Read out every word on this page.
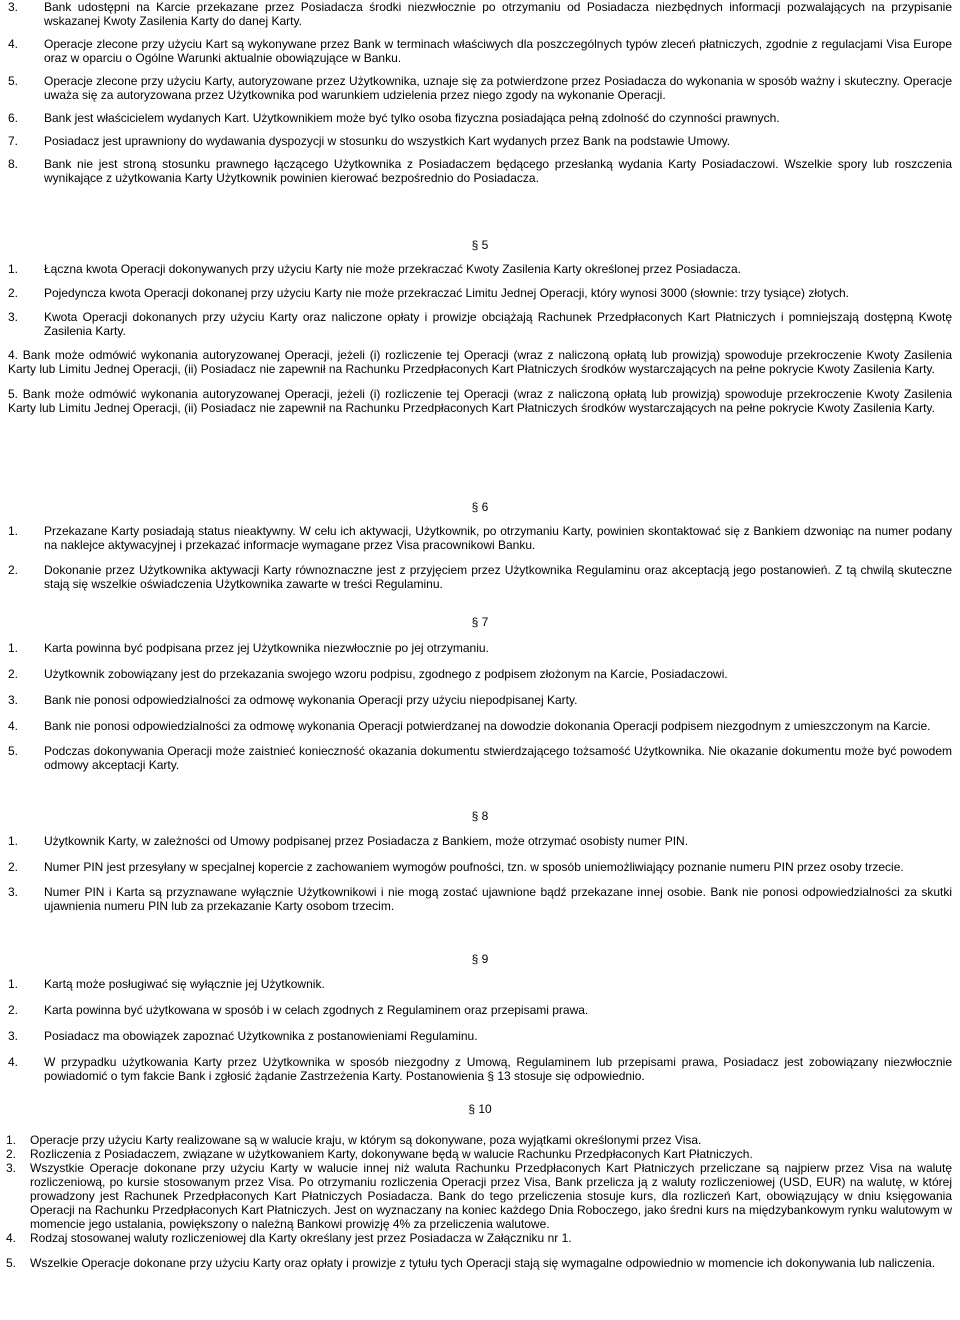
3.	Bank udostępni na Karcie przekazane przez Posiadacza środki niezwłocznie po otrzymaniu od Posiadacza niezbędnych informacji pozwalających na przypisanie wskazanej Kwoty Zasilenia Karty do danej Karty.
4.	Operacje zlecone przy użyciu Kart są wykonywane przez Bank w terminach właściwych dla poszczególnych typów zleceń płatniczych, zgodnie z regulacjami Visa Europe oraz w oparciu o Ogólne Warunki aktualnie obowiązujące w Banku.
5.	Operacje zlecone przy użyciu Karty, autoryzowane przez Użytkownika, uznaje się za potwierdzone przez Posiadacza do wykonania w sposób ważny i skuteczny. Operacje uważa się za autoryzowana przez Użytkownika pod warunkiem udzielenia przez niego zgody na wykonanie Operacji.
6.	Bank jest właścicielem wydanych Kart. Użytkownikiem może być tylko osoba fizyczna posiadająca pełną zdolność do czynności prawnych.
7.	Posiadacz jest uprawniony do wydawania dyspozycji w stosunku do wszystkich Kart wydanych przez Bank na podstawie Umowy.
8.	Bank nie jest stroną stosunku prawnego łączącego Użytkownika z Posiadaczem będącego przesłanką wydania Karty Posiadaczowi. Wszelkie spory lub roszczenia wynikające z użytkowania Karty Użytkownik powinien kierować bezpośrednio do Posiadacza.
§ 5
1.	Łączna kwota Operacji dokonywanych przy użyciu Karty nie może przekraczać Kwoty Zasilenia Karty określonej przez Posiadacza.
2.	Pojedyncza kwota Operacji dokonanej przy użyciu Karty nie może przekraczać Limitu Jednej Operacji, który wynosi 3000 (słownie: trzy tysiące) złotych.
3.	Kwota Operacji dokonanych przy użyciu Karty oraz naliczone opłaty i prowizje obciążają Rachunek Przedpłaconych Kart Płatniczych i pomniejszają dostępną Kwotę Zasilenia Karty.

4. Bank może odmówić wykonania autoryzowanej Operacji, jeżeli (i) rozliczenie tej Operacji (wraz z naliczoną opłatą lub prowizją) spowoduje przekroczenie Kwoty Zasilenia Karty lub Limitu Jednej Operacji, (ii) Posiadacz nie zapewnił na Rachunku Przedpłaconych Kart Płatniczych środków wystarczających na pełne pokrycie Kwoty Zasilenia Karty.

5. Bank może odmówić wykonania autoryzowanej Operacji, jeżeli (i) rozliczenie tej Operacji (wraz z naliczoną opłatą lub prowizją) spowoduje przekroczenie Kwoty Zasilenia Karty lub Limitu Jednej Operacji, (ii) Posiadacz nie zapewnił na Rachunku Przedpłaconych Kart Płatniczych środków wystarczających na pełne pokrycie Kwoty Zasilenia Karty.

§ 6
1.	Przekazane Karty posiadają status nieaktywny. W celu ich aktywacji, Użytkownik, po otrzymaniu Karty, powinien skontaktować się z Bankiem dzwoniąc na numer podany na naklejce aktywacyjnej i przekazać informacje wymagane przez Visa pracownikowi Banku.
2.	Dokonanie przez Użytkownika aktywacji Karty równoznaczne jest z przyjęciem przez Użytkownika Regulaminu oraz akceptacją jego postanowień. Z tą chwilą skuteczne stają się wszelkie oświadczenia Użytkownika zawarte w treści Regulaminu.
§ 7
1.	Karta powinna być podpisana przez jej Użytkownika niezwłocznie po jej otrzymaniu.
2.	Użytkownik zobowiązany jest do przekazania swojego wzoru podpisu, zgodnego z podpisem złożonym na Karcie, Posiadaczowi.
3.	Bank nie ponosi odpowiedzialności za odmowę wykonania Operacji przy użyciu niepodpisanej Karty.
4.	Bank nie ponosi odpowiedzialności za odmowę wykonania Operacji potwierdzanej na dowodzie dokonania Operacji podpisem niezgodnym z umieszczonym na Karcie.
5.	Podczas dokonywania Operacji może zaistnieć konieczność okazania dokumentu stwierdzającego tożsamość Użytkownika. Nie okazanie dokumentu może być powodem odmowy akceptacji Karty.
§ 8
1.	Użytkownik Karty, w zależności od Umowy podpisanej przez Posiadacza z Bankiem, może otrzymać osobisty numer PIN.
2.	Numer PIN jest przesyłany w specjalnej kopercie z zachowaniem wymogów poufności, tzn. w sposób uniemożliwiający poznanie numeru PIN przez osoby trzecie.
3.	Numer PIN i Karta są przyznawane wyłącznie Użytkownikowi i nie mogą zostać ujawnione bądź przekazane innej osobie. Bank nie ponosi odpowiedzialności za skutki ujawnienia numeru PIN lub za przekazanie Karty osobom trzecim.
§ 9
1.	Kartą może posługiwać się wyłącznie jej Użytkownik.
2.	Karta powinna być użytkowana w sposób i w celach zgodnych z Regulaminem oraz przepisami prawa.
3.	Posiadacz ma obowiązek zapoznać Użytkownika z postanowieniami Regulaminu.
4.	W przypadku użytkowania Karty przez Użytkownika w sposób niezgodny z Umową, Regulaminem lub przepisami prawa, Posiadacz jest zobowiązany niezwłocznie powiadomić o tym fakcie Bank i zgłosić żądanie Zastrzeżenia Karty. Postanowienia § 13 stosuje się odpowiednio.
§ 10
1.	Operacje przy użyciu Karty realizowane są w walucie kraju, w którym są dokonywane, poza wyjątkami określonymi przez Visa.
2.	Rozliczenia z Posiadaczem, związane w użytkowaniem Karty, dokonywane będą w walucie Rachunku Przedpłaconych Kart Płatniczych.
3.	Wszystkie Operacje dokonane przy użyciu Karty w walucie innej niż waluta Rachunku Przedpłaconych Kart Płatniczych przeliczane są najpierw przez Visa na walutę rozliczeniową, po kursie stosowanym przez Visa. Po otrzymaniu rozliczenia Operacji przez Visa, Bank przelicza ją z waluty rozliczeniowej (USD, EUR) na walutę, w której prowadzony jest Rachunek Przedpłaconych Kart Płatniczych Posiadacza. Bank do tego przeliczenia stosuje kurs, dla rozliczeń Kart, obowiązujący w dniu księgowania Operacji na Rachunku Przedpłaconych Kart Płatniczych. Jest on wyznaczany na koniec każdego Dnia Roboczego, jako średni kurs na międzybankowym rynku walutowym w momencie jego ustalania, powiększony o należną Bankowi prowizję 4% za przeliczenia walutowe.
4.	Rodzaj stosowanej waluty rozliczeniowej dla Karty określany jest przez Posiadacza w Załączniku nr 1.
5.	Wszelkie Operacje dokonane przy użyciu Karty oraz opłaty i prowizje z tytułu tych Operacji stają się wymagalne odpowiednio w momencie ich dokonywania lub naliczenia.
